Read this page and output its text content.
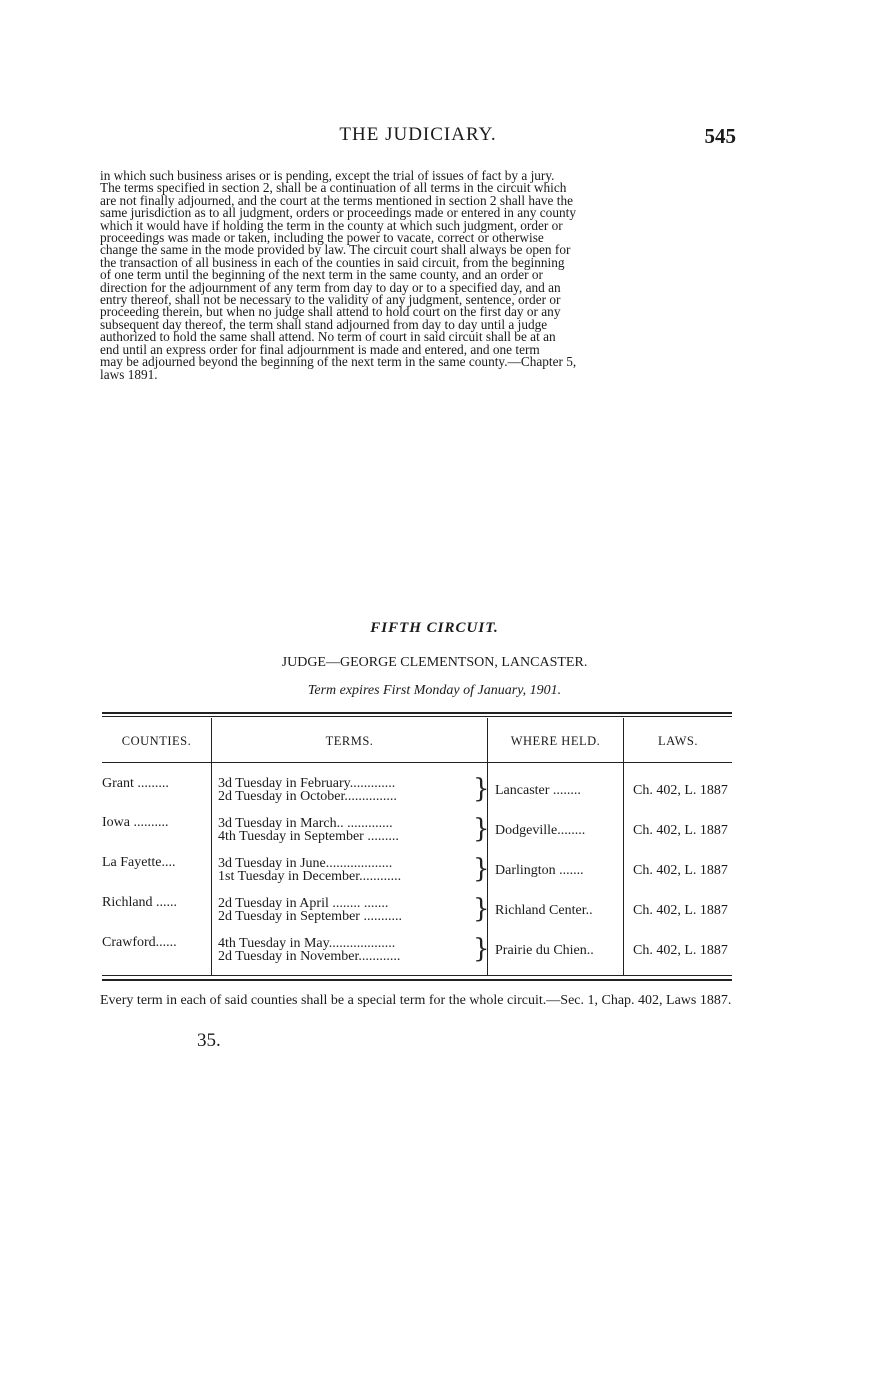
THE JUDICIARY.	545
in which such business arises or is pending, except the trial of issues of fact by a jury.
The terms specified in section 2, shall be a continuation of all terms in the circuit which
are not finally adjourned, and the court at the terms mentioned in section 2 shall have the
same jurisdiction as to all judgment, orders or proceedings made or entered in any county
which it would have if holding the term in the county at which such judgment, order or
proceedings was made or taken, including the power to vacate, correct or otherwise
change the same in the mode provided by law. The circuit court shall always be open for
the transaction of all business in each of the counties in said circuit, from the beginning
of one term until the beginning of the next term in the same county, and an order or
direction for the adjournment of any term from day to day or to a specified day, and an
entry thereof, shall not be necessary to the validity of any judgment, sentence, order or
proceeding therein, but when no judge shall attend to hold court on the first day or any
subsequent day thereof, the term shall stand adjourned from day to day until a judge
authorized to hold the same shall attend. No term of court in said circuit shall be at an
end until an express order for final adjournment is made and entered, and one term
may be adjourned beyond the beginning of the next term in the same county.—Chapter 5,
laws 1891.
FIFTH CIRCUIT.
JUDGE—GEORGE CLEMENTSON, LANCASTER.
Term expires First Monday of January, 1901.
COUNTIES.	TERMS.	WHERE HELD.	LAWS.
Grant .........	3d Tuesday in February.............
2d Tuesday in October...............	} Lancaster ........	Ch. 402, L. 1887
Iowa ..........	3d Tuesday in March.. .............
4th Tuesday in September .........	} Dodgeville........	Ch. 402, L. 1887
La Fayette....	3d Tuesday in June...................
1st Tuesday in December............	} Darlington .......	Ch. 402, L. 1887
Richland ......	2d Tuesday in April ........ .......
2d Tuesday in September ...........	} Richland Center..	Ch. 402, L. 1887
Crawford......	4th Tuesday in May...................
2d Tuesday in November............	} Prairie du Chien..	Ch. 402, L. 1887
Every term in each of said counties shall be a special term for the whole circuit.—Sec. 1, Chap. 402, Laws 1887.
35.
